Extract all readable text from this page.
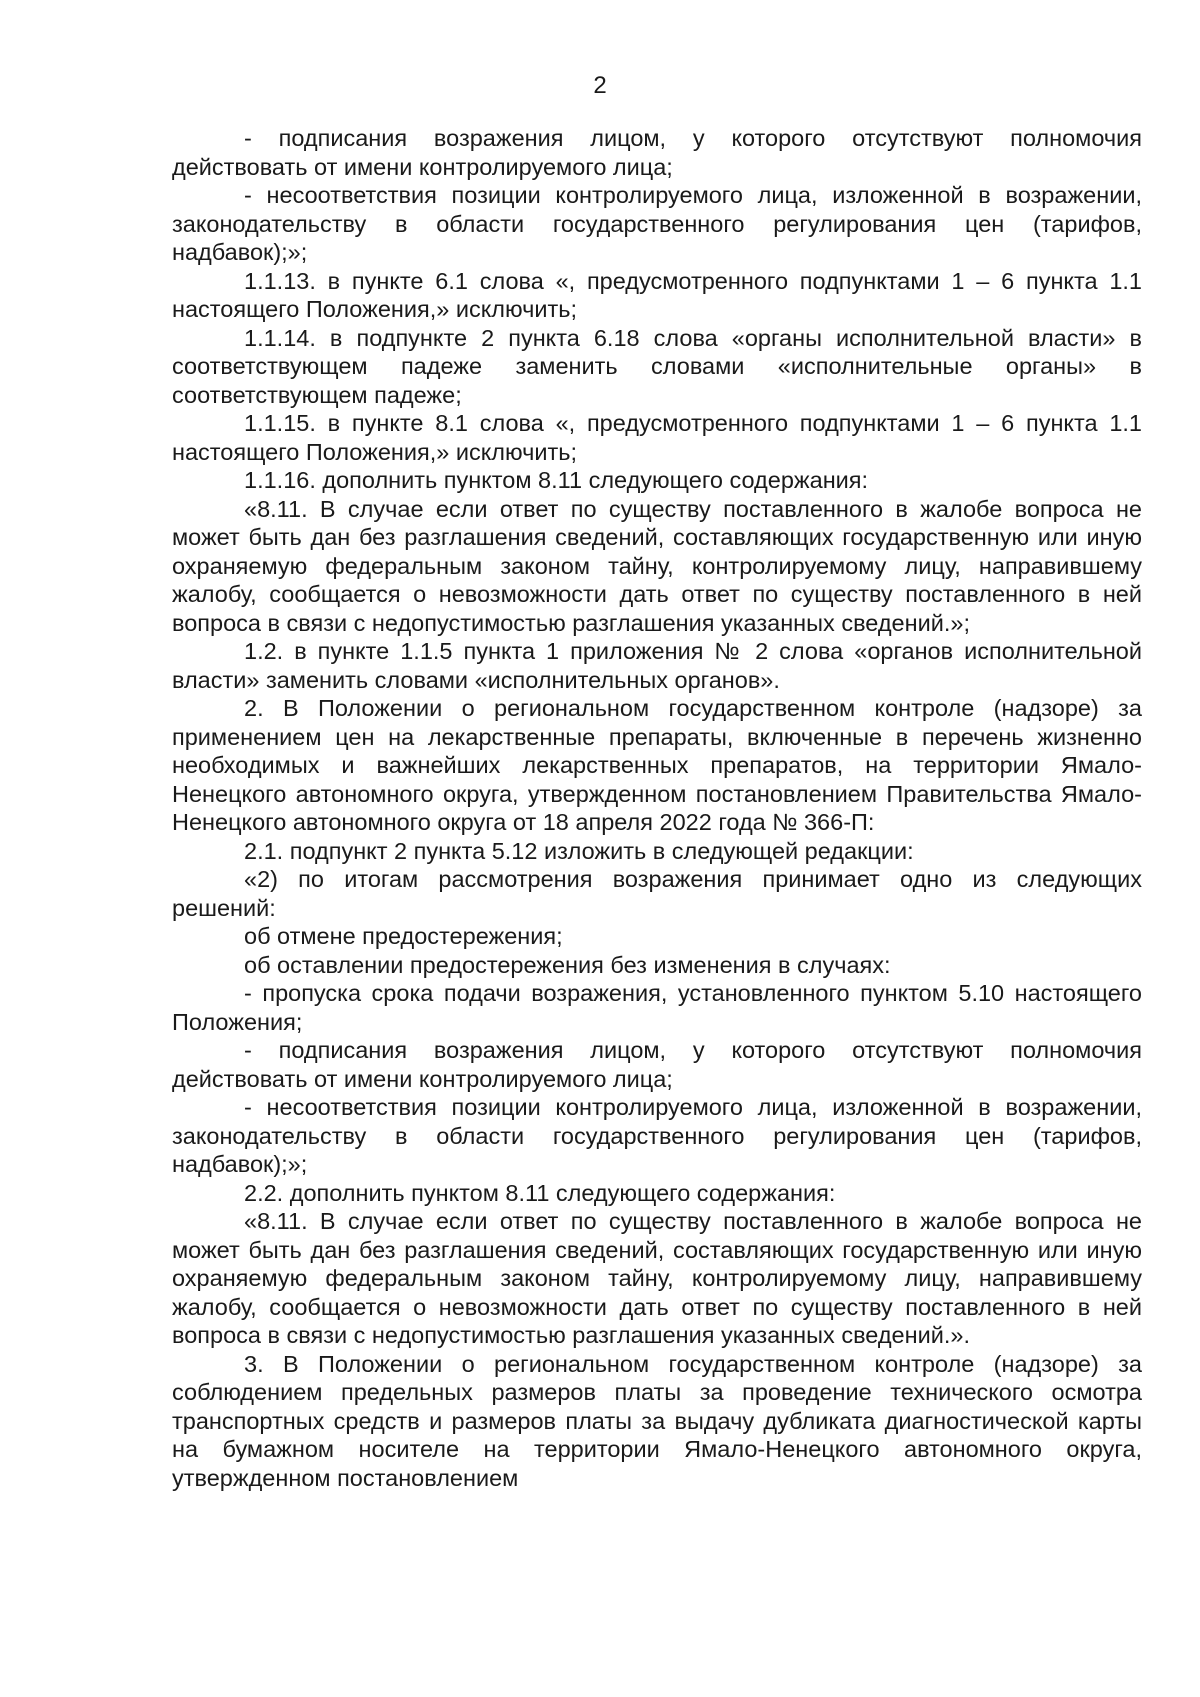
2

- подписания возражения лицом, у которого отсутствуют полномочия действовать от имени контролируемого лица;

- несоответствия позиции контролируемого лица, изложенной в возражении, законодательству в области государственного регулирования цен (тарифов, надбавок);»;

1.1.13. в пункте 6.1 слова «, предусмотренного подпунктами 1 – 6 пункта 1.1 настоящего Положения,» исключить;

1.1.14. в подпункте 2 пункта 6.18 слова «органы исполнительной власти» в соответствующем падеже заменить словами «исполнительные органы» в соответствующем падеже;

1.1.15. в пункте 8.1 слова «, предусмотренного подпунктами 1 – 6 пункта 1.1 настоящего Положения,» исключить;

1.1.16. дополнить пунктом 8.11 следующего содержания:

«8.11. В случае если ответ по существу поставленного в жалобе вопроса не может быть дан без разглашения сведений, составляющих государственную или иную охраняемую федеральным законом тайну, контролируемому лицу, направившему жалобу, сообщается о невозможности дать ответ по существу поставленного в ней вопроса в связи с недопустимостью разглашения указанных сведений.»;

1.2. в пункте 1.1.5 пункта 1 приложения № 2 слова «органов исполнительной власти» заменить словами «исполнительных органов».

2. В Положении о региональном государственном контроле (надзоре) за применением цен на лекарственные препараты, включенные в перечень жизненно необходимых и важнейших лекарственных препаратов, на территории Ямало-Ненецкого автономного округа, утвержденном постановлением Правительства Ямало-Ненецкого автономного округа от 18 апреля 2022 года № 366-П:

2.1. подпункт 2 пункта 5.12 изложить в следующей редакции:

«2) по итогам рассмотрения возражения принимает одно из следующих решений:

об отмене предостережения;

об оставлении предостережения без изменения в случаях:

- пропуска срока подачи возражения, установленного пунктом 5.10 настоящего Положения;

- подписания возражения лицом, у которого отсутствуют полномочия действовать от имени контролируемого лица;

- несоответствия позиции контролируемого лица, изложенной в возражении, законодательству в области государственного регулирования цен (тарифов, надбавок);»;

2.2. дополнить пунктом 8.11 следующего содержания:

«8.11. В случае если ответ по существу поставленного в жалобе вопроса не может быть дан без разглашения сведений, составляющих государственную или иную охраняемую федеральным законом тайну, контролируемому лицу, направившему жалобу, сообщается о невозможности дать ответ по существу поставленного в ней вопроса в связи с недопустимостью разглашения указанных сведений.».

3. В Положении о региональном государственном контроле (надзоре) за соблюдением предельных размеров платы за проведение технического осмотра транспортных средств и размеров платы за выдачу дубликата диагностической карты на бумажном носителе на территории Ямало-Ненецкого автономного округа, утвержденном постановлением
